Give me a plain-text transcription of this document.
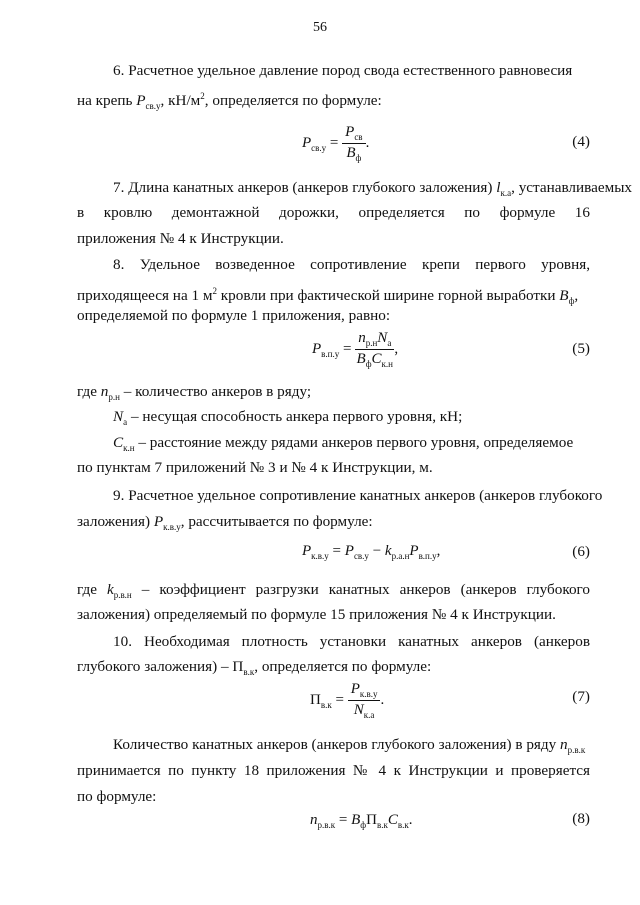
56
6. Расчетное удельное давление пород свода естественного равновесия
на крепь $P_{св.у}$, $кН/м^2$, определяется по формуле:
$P_{св.у} = \frac{P_{св}}{B_ф}$ .	(4)
7. Длина канатных анкеров (анкеров глубокого заложения) $l_{к.а}$, устанавливаемых
в кровлю демонтажной дорожки, определяется по формуле 16
приложения № 4 к Инструкции.
8. Удельное возведенное сопротивление крепи первого уровня,
приходящееся на 1 $м^2$ кровли при фактической ширине горной выработки $B_ф$,
определяемой по формуле 1 приложения, равно:
$P_{в.п.у} = \frac{n_{р.н}N_а}{B_фC_{к.н}}$ ,	(5)
где $n_{р.н}$ – количество анкеров в ряду;
$N_а$ – несущая способность анкера первого уровня, кН;
$C_{к.н}$ – расстояние между рядами анкеров первого уровня, определяемое
по пунктам 7 приложений № 3 и № 4 к Инструкции, м.
9. Расчетное удельное сопротивление канатных анкеров (анкеров глубокого
заложения) $P_{к.в.у}$, рассчитывается по формуле:
$P_{к.в.у} = P_{св.у} - k_{р.а.н}P_{в.п.у}$,	(6)
где $k_{р.в.н}$ – коэффициент разгрузки канатных анкеров (анкеров глубокого
заложения) определяемый по формуле 15 приложения № 4 к Инструкции.
10. Необходимая плотность установки канатных анкеров (анкеров
глубокого заложения) – $П_{в.к}$, определяется по формуле:
$П_{в.к} = \frac{P_{к.в.у}}{N_{к.а}}$ .	(7)
Количество канатных анкеров (анкеров глубокого заложения) в ряду $n_{р.в.к}$
принимается по пункту 18 приложения № 4 к Инструкции и проверяется
по формуле:
$n_{р.в.к} = B_фП_{в.к}C_{в.к}$.	(8)
